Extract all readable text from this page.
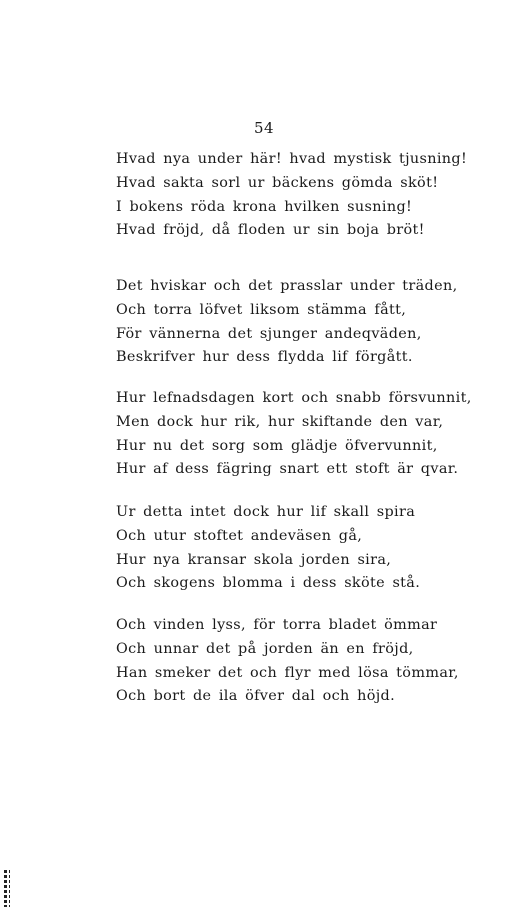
54
Hvad nya under här! hvad mystisk tjusning!
Hvad sakta sorl ur bäckens gömda sköt!
I bokens röda krona hvilken susning!
Hvad fröjd, då floden ur sin boja bröt!
Det hviskar och det prasslar under träden,
Och torra löfvet liksom stämma fått,
För vännerna det sjunger andeqväden,
Beskrifver hur dess flydda lif förgått.
Hur lefnadsdagen kort och snabb försvunnit,
Men dock hur rik, hur skiftande den var,
Hur nu det sorg som glädje öfvervunnit,
Hur af dess fägring snart ett stoft är qvar.
Ur detta intet dock hur lif skall spira
Och utur stoftet andeväsen gå,
Hur nya kransar skola jorden sira,
Och skogens blomma i dess sköte stå.
Och vinden lyss, för torra bladet ömmar
Och unnar det på jorden än en fröjd,
Han smeker det och flyr med lösa tömmar,
Och bort de ila öfver dal och höjd.
